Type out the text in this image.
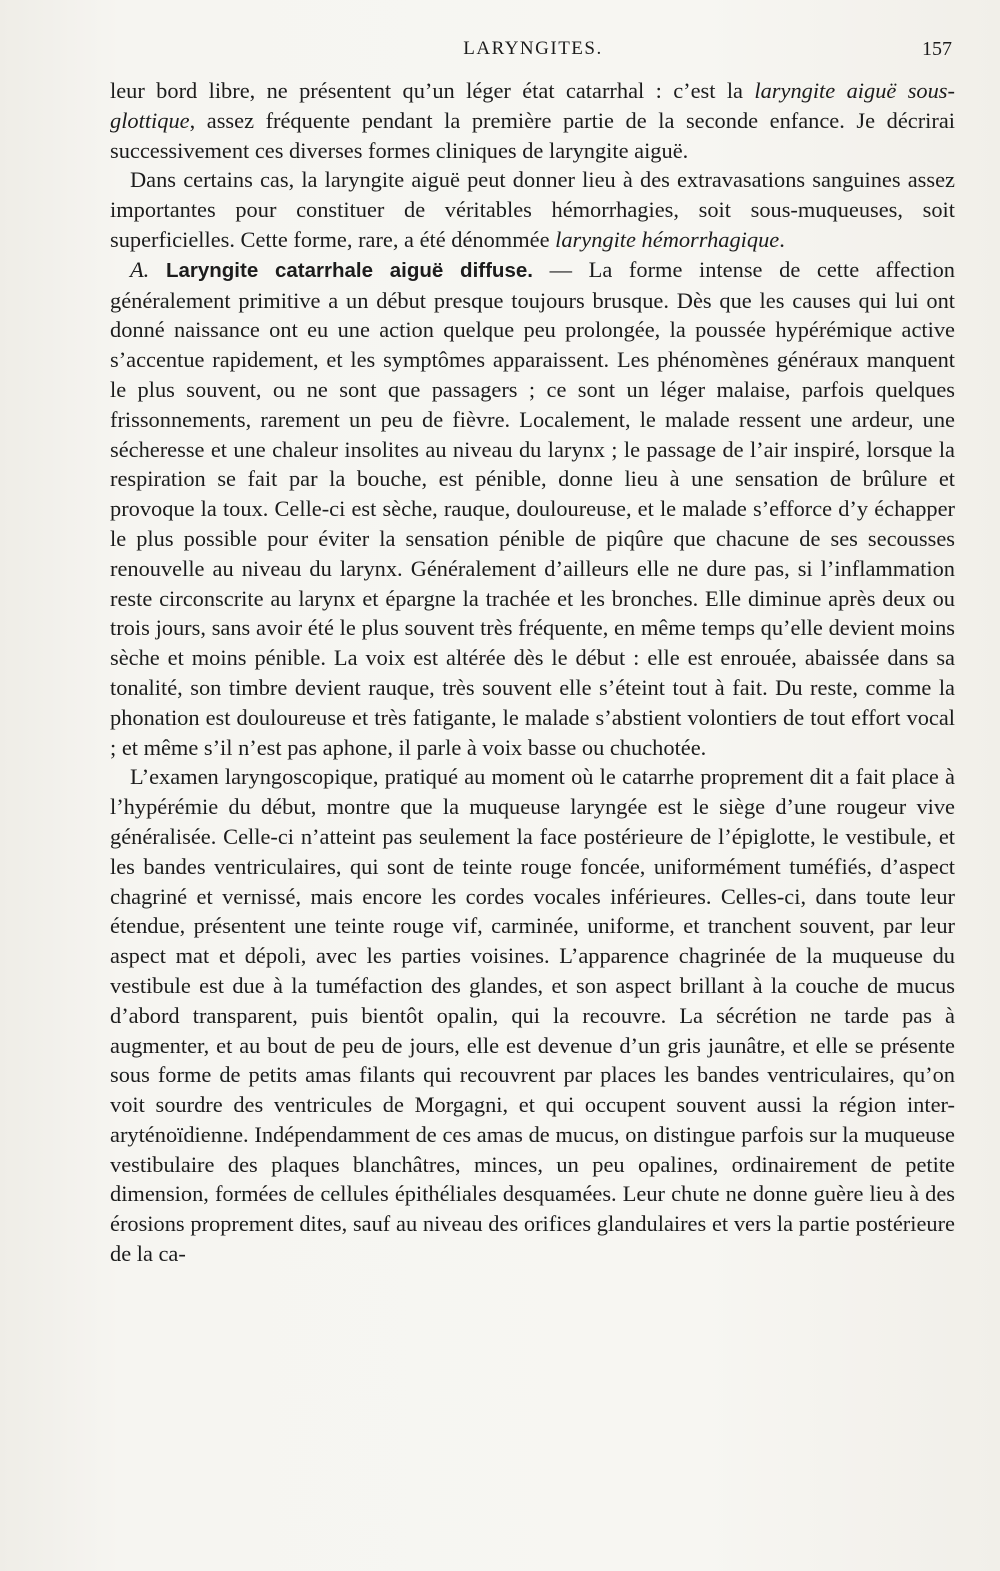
LARYNGITES.	157

leur bord libre, ne présentent qu’un léger état catarrhal : c’est la laryngite aiguë sous-glottique, assez fréquente pendant la première partie de la seconde enfance. Je décrirai successivement ces diverses formes cliniques de laryngite aiguë.

Dans certains cas, la laryngite aiguë peut donner lieu à des extravasations sanguines assez importantes pour constituer de véritables hémorrhagies, soit sous-muqueuses, soit superficielles. Cette forme, rare, a été dénommée laryngite hémorrhagique.

A. Laryngite catarrhale aiguë diffuse. — La forme intense de cette affection généralement primitive a un début presque toujours brusque. Dès que les causes qui lui ont donné naissance ont eu une action quelque peu prolongée, la poussée hypérémique active s’accentue rapidement, et les symptômes apparaissent. Les phénomènes généraux manquent le plus souvent, ou ne sont que passagers ; ce sont un léger malaise, parfois quelques frissonnements, rarement un peu de fièvre. Localement, le malade ressent une ardeur, une sécheresse et une chaleur insolites au niveau du larynx ; le passage de l’air inspiré, lorsque la respiration se fait par la bouche, est pénible, donne lieu à une sensation de brûlure et provoque la toux. Celle-ci est sèche, rauque, douloureuse, et le malade s’efforce d’y échapper le plus possible pour éviter la sensation pénible de piqûre que chacune de ses secousses renouvelle au niveau du larynx. Généralement d’ailleurs elle ne dure pas, si l’inflammation reste circonscrite au larynx et épargne la trachée et les bronches. Elle diminue après deux ou trois jours, sans avoir été le plus souvent très fréquente, en même temps qu’elle devient moins sèche et moins pénible. La voix est altérée dès le début : elle est enrouée, abaissée dans sa tonalité, son timbre devient rauque, très souvent elle s’éteint tout à fait. Du reste, comme la phonation est douloureuse et très fatigante, le malade s’abstient volontiers de tout effort vocal ; et même s’il n’est pas aphone, il parle à voix basse ou chuchotée.

L’examen laryngoscopique, pratiqué au moment où le catarrhe proprement dit a fait place à l’hypérémie du début, montre que la muqueuse laryngée est le siège d’une rougeur vive généralisée. Celle-ci n’atteint pas seulement la face postérieure de l’épiglotte, le vestibule, et les bandes ventriculaires, qui sont de teinte rouge foncée, uniformément tuméfiés, d’aspect chagriné et vernissé, mais encore les cordes vocales inférieures. Celles-ci, dans toute leur étendue, présentent une teinte rouge vif, carminée, uniforme, et tranchent souvent, par leur aspect mat et dépoli, avec les parties voisines. L’apparence chagrinée de la muqueuse du vestibule est due à la tuméfaction des glandes, et son aspect brillant à la couche de mucus d’abord transparent, puis bientôt opalin, qui la recouvre. La sécrétion ne tarde pas à augmenter, et au bout de peu de jours, elle est devenue d’un gris jaunâtre, et elle se présente sous forme de petits amas filants qui recouvrent par places les bandes ventriculaires, qu’on voit sourdre des ventricules de Morgagni, et qui occupent souvent aussi la région inter-aryténoïdienne. Indépendamment de ces amas de mucus, on distingue parfois sur la muqueuse vestibulaire des plaques blanchâtres, minces, un peu opalines, ordinairement de petite dimension, formées de cellules épithéliales desquamées. Leur chute ne donne guère lieu à des érosions proprement dites, sauf au niveau des orifices glandulaires et vers la partie postérieure de la ca-
